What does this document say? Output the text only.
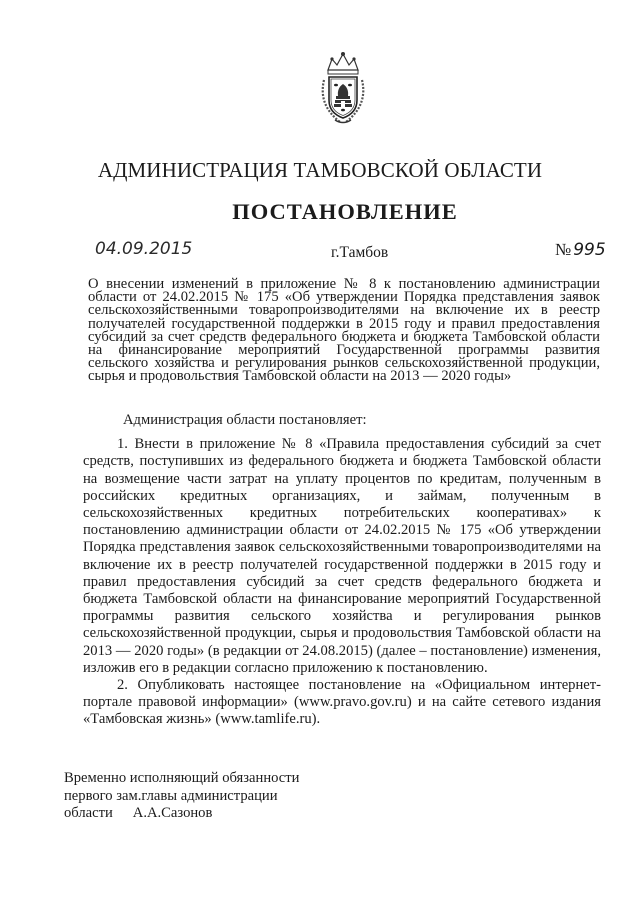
АДМИНИСТРАЦИЯ ТАМБОВСКОЙ ОБЛАСТИ
ПОСТАНОВЛЕНИЕ
04.09.2015	г.Тамбов	№ 995
О внесении изменений в приложение № 8 к постановлению администрации области от 24.02.2015 № 175 «Об утверждении Порядка представления заявок сельскохозяйственными товаропроизводителями на включение их в реестр получателей государственной поддержки в 2015 году и правил предоставления субсидий за счет средств федерального бюджета и бюджета Тамбовской области на финансирование мероприятий Государственной программы развития сельского хозяйства и регулирования рынков сельскохозяйственной продукции, сырья и продовольствия Тамбовской области на 2013 — 2020 годы»

Администрация области постановляет:

1. Внести в приложение № 8 «Правила предоставления субсидий за счет средств, поступивших из федерального бюджета и бюджета Тамбовской области на возмещение части затрат на уплату процентов по кредитам, полученным в российских кредитных организациях, и займам, полученным в сельскохозяйственных кредитных потребительских кооперативах» к постановлению администрации области от 24.02.2015 № 175 «Об утверждении Порядка представления заявок сельскохозяйственными товаропроизводителями на включение их в реестр получателей государственной поддержки в 2015 году и правил предоставления субсидий за счет средств федерального бюджета и бюджета Тамбовской области на финансирование мероприятий Государственной программы развития сельского хозяйства и регулирования рынков сельскохозяйственной продукции, сырья и продовольствия Тамбовской области на 2013 — 2020 годы» (в редакции от 24.08.2015) (далее – постановление) изменения, изложив его в редакции согласно приложению к постановлению.

2. Опубликовать настоящее постановление на «Официальном интернет-портале правовой информации» (www.pravo.gov.ru) и на сайте сетевого издания «Тамбовская жизнь» (www.tamlife.ru).

Временно исполняющий обязанности
первого зам.главы администрации
области А.А.Сазонов
